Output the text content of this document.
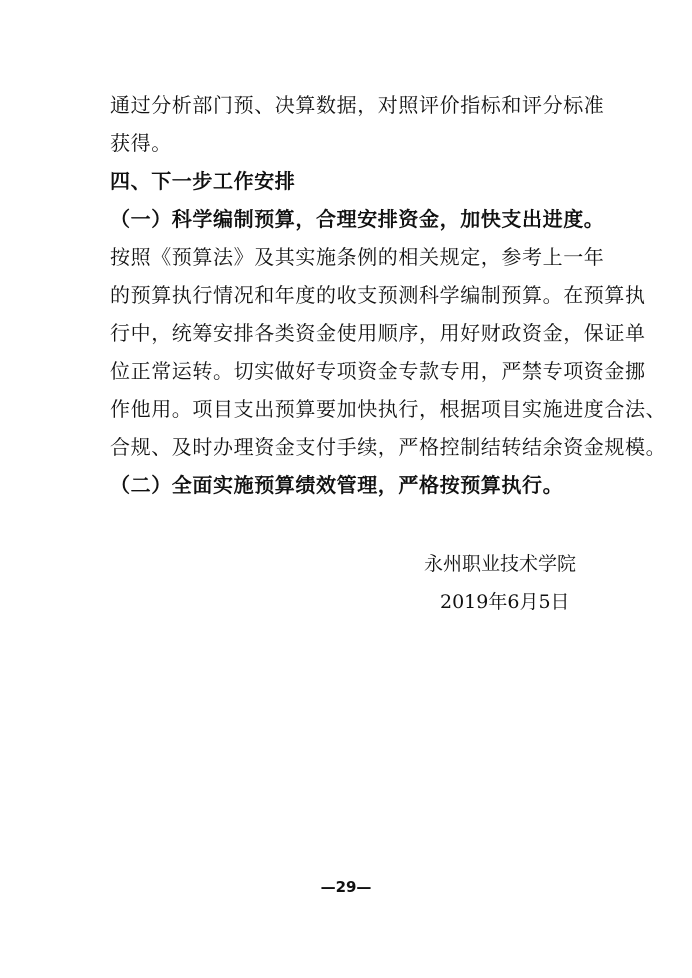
通过分析部门预、决算数据，对照评价指标和评分标准
获得。
四、下一步工作安排
（一）科学编制预算，合理安排资金，加快支出进度。
按照《预算法》及其实施条例的相关规定，参考上一年
的预算执行情况和年度的收支预测科学编制预算。在预算执
行中，统筹安排各类资金使用顺序，用好财政资金，保证单
位正常运转。切实做好专项资金专款专用，严禁专项资金挪
作他用。项目支出预算要加快执行，根据项目实施进度合法、
合规、及时办理资金支付手续，严格控制结转结余资金规模。
（二）全面实施预算绩效管理，严格按预算执行。
永州职业技术学院
2019年6月5日
—29—
